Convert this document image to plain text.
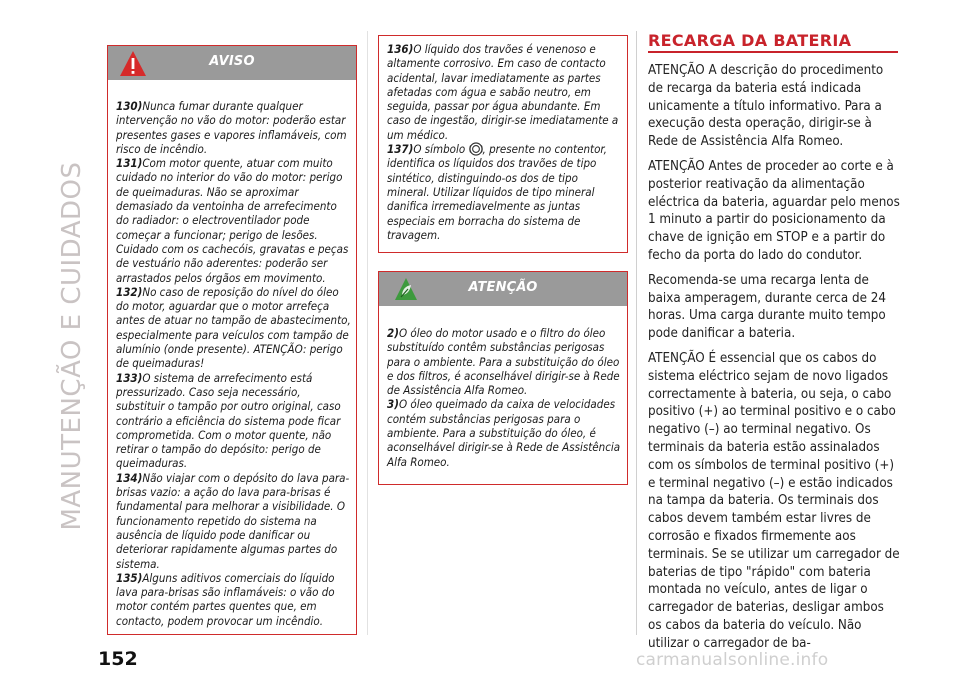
MANUTENÇÃO E CUIDADOS
AVISO

130)Nunca fumar durante qualquer intervenção no vão do motor: poderão estar presentes gases e vapores inflamáveis, com risco de incêndio.

131)Com motor quente, atuar com muito cuidado no interior do vão do motor: perigo de queimaduras. Não se aproximar demasiado da ventoinha de arrefecimento do radiador: o electroventilador pode começar a funcionar; perigo de lesões. Cuidado com os cachecóis, gravatas e peças de vestuário não aderentes: poderão ser arrastados pelos órgãos em movimento.

132)No caso de reposição do nível do óleo do motor, aguardar que o motor arrefeça antes de atuar no tampão de abastecimento, especialmente para veículos com tampão de alumínio (onde presente). ATENÇÃO: perigo de queimaduras!

133)O sistema de arrefecimento está pressurizado. Caso seja necessário, substituir o tampão por outro original, caso contrário a eficiência do sistema pode ficar comprometida. Com o motor quente, não retirar o tampão do depósito: perigo de queimaduras.

134)Não viajar com o depósito do lava para-brisas vazio: a ação do lava para-brisas é fundamental para melhorar a visibilidade. O funcionamento repetido do sistema na ausência de líquido pode danificar ou deteriorar rapidamente algumas partes do sistema.

135)Alguns aditivos comerciais do líquido lava para-brisas são inflamáveis: o vão do motor contém partes quentes que, em contacto, podem provocar um incêndio.

136)O líquido dos travões é venenoso e altamente corrosivo. Em caso de contacto acidental, lavar imediatamente as partes afetadas com água e sabão neutro, em seguida, passar por água abundante. Em caso de ingestão, dirigir-se imediatamente a um médico.

137)O símbolo , presente no contentor, identifica os líquidos dos travões de tipo sintético, distinguindo-os dos de tipo mineral. Utilizar líquidos de tipo mineral danifica irremediavelmente as juntas especiais em borracha do sistema de travagem.

ATENÇÃO

2)O óleo do motor usado e o filtro do óleo substituído contêm substâncias perigosas para o ambiente. Para a substituição do óleo e dos filtros, é aconselhável dirigir-se à Rede de Assistência Alfa Romeo.

3)O óleo queimado da caixa de velocidades contém substâncias perigosas para o ambiente. Para a substituição do óleo, é aconselhável dirigir-se à Rede de Assistência Alfa Romeo.

RECARGA DA BATERIA

ATENÇÃO A descrição do procedimento de recarga da bateria está indicada unicamente a título informativo. Para a execução desta operação, dirigir-se à Rede de Assistência Alfa Romeo.

ATENÇÃO Antes de proceder ao corte e à posterior reativação da alimentação eléctrica da bateria, aguardar pelo menos 1 minuto a partir do posicionamento da chave de ignição em STOP e a partir do fecho da porta do lado do condutor.

Recomenda-se uma recarga lenta de baixa amperagem, durante cerca de 24 horas. Uma carga durante muito tempo pode danificar a bateria.

ATENÇÃO É essencial que os cabos do sistema eléctrico sejam de novo ligados correctamente à bateria, ou seja, o cabo positivo (+) ao terminal positivo e o cabo negativo (–) ao terminal negativo. Os terminais da bateria estão assinalados com os símbolos de terminal positivo (+) e terminal negativo (–) e estão indicados na tampa da bateria. Os terminais dos cabos devem também estar livres de corrosão e fixados firmemente aos terminais. Se se utilizar um carregador de baterias de tipo "rápido" com bateria montada no veículo, antes de ligar o carregador de baterias, desligar ambos os cabos da bateria do veículo. Não utilizar o carregador de ba-

152	carmanualsonline.info
